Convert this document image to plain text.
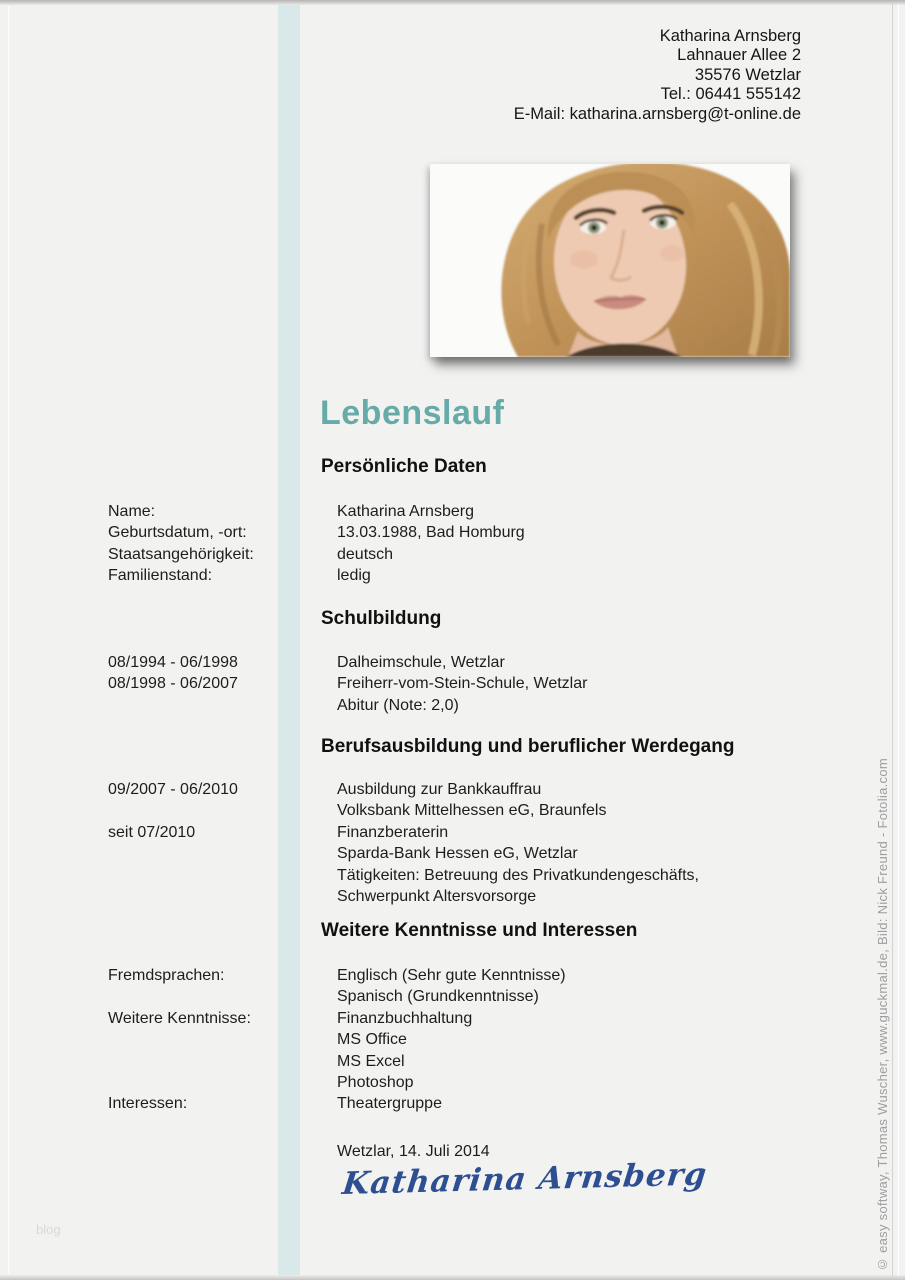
Katharina Arnsberg
Lahnauer Allee 2
35576 Wetzlar
Tel.: 06441 555142
E-Mail: katharina.arnsberg@t-online.de
Lebenslauf
Persönliche Daten
Name:	Katharina Arnsberg
Geburtsdatum, -ort:	13.03.1988, Bad Homburg
Staatsangehörigkeit:	deutsch
Familienstand:	ledig
Schulbildung
08/1994 - 06/1998	Dalheimschule, Wetzlar
08/1998 - 06/2007	Freiherr-vom-Stein-Schule, Wetzlar
Abitur (Note: 2,0)
Berufsausbildung und beruflicher Werdegang
09/2007 - 06/2010	Ausbildung zur Bankkauffrau
Volksbank Mittelhessen eG, Braunfels
seit 07/2010	Finanzberaterin
Sparda-Bank Hessen eG, Wetzlar
Tätigkeiten: Betreuung des Privatkundengeschäfts,
Schwerpunkt Altersvorsorge
Weitere Kenntnisse und Interessen
Fremdsprachen:	Englisch (Sehr gute Kenntnisse)
Spanisch (Grundkenntnisse)
Weitere Kenntnisse:	Finanzbuchhaltung
MS Office
MS Excel
Photoshop
Interessen:	Theatergruppe
Wetzlar, 14. Juli 2014
Katharina Arnsberg	© easy softway, Thomas Wuscher, www.guckmal.de, Bild: Nick Freund - Fotolia.com
blog
